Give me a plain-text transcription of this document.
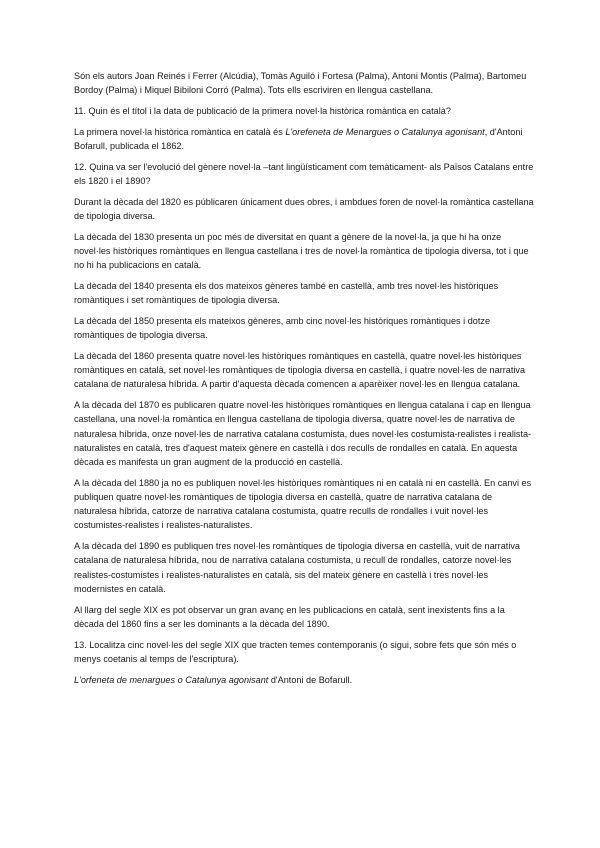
Són els autors Joan Reinés i Ferrer (Alcúdia), Tomàs Aguiló i Fortesa (Palma), Antoni Montis (Palma), Bartomeu Bordoy (Palma) i Miquel Bibiloni Corró (Palma). Tots ells escriviren en llengua castellana.

11. Quin és el títol i la data de publicació de la primera novel·la històrica romàntica en català?

La primera novel·la històrica romàntica en català és L'orefeneta de Menargues o Catalunya agonisant, d'Antoni Bofarull, publicada el 1862.

12. Quina va ser l'evolució del gènere novel·la –tant lingüísticament com temàticament- als Països Catalans entre els 1820 i el 1890?

Durant la dècada del 1820 es públicaren únicament dues obres, i ambdues foren de novel·la romàntica castellana de tipologia diversa.

La dècada del 1830 presenta un poc més de diversitat en quant a gènere de la novel·la, ja que hi ha onze novel·les històriques romàntiques en llengua castellana i tres de novel·la romàntica de tipologia diversa, tot i que no hi ha publicacions en català.

La dècada del 1840 presenta els dos mateixos gèneres també en castellà, amb tres novel·les històriques romàntiques i set romàntiques de tipologia diversa.

La dècada del 1850 presenta els mateixos gèneres, amb cinc novel·les històriques romàntiques i dotze romàntiques de tipologia diversa.

La dècada del 1860 presenta quatre novel·les històriques romàntiques en castellà, quatre novel·les històriques romàntiques en català, set novel·les romàntiques de tipologia diversa en castellà, i quatre novel·les de narrativa catalana de naturalesa híbrida. A partir d'aquesta dècada comencen a aparèixer novel·les en llengua catalana.

A la dècada del 1870 es publicaren quatre novel·les històriques romàntiques en llengua catalana i cap en llengua castellana, una novel·la romàntica en llengua castellana de tipologia diversa, quatre novel·les de narrativa de naturalesa híbrida, onze novel·les de narrativa catalana costumista, dues novel·les costumista-realistes i realista-naturalistes en català, tres d'aquest mateix gènere en castellà i dos reculls de rondalles en català. En aquesta dècada es manifesta un gran augment de la producció en castellà.

A la dècada del 1880 ja no es publiquen novel·les històriques romàntiques ni en català ni en castellà. En canvi es publiquen quatre novel·les romàntiques de tipologia diversa en castellà, quatre de narrativa catalana de naturalesa híbrida, catorze de narrativa catalana costumista, quatre reculls de rondalles i vuit novel·les costumistes-realistes i realistes-naturalistes.

A la dècada del 1890 es publiquen tres novel·les romàntiques de tipologia diversa en castellà, vuit de narrativa catalana de naturalesa híbrida, nou de narrativa catalana costumista, u recull de rondalles, catorze novel·les realistes-costumistes i realistes-naturalistes en català, sis del mateix gènere en castellà i tres novel·les modernistes en català.

Al llarg del segle XIX es pot observar un gran avanç en les publicacions en català, sent inexistents fins a la dècada del 1860 fins a ser les dominants a la dècada del 1890.

13. Localitza cinc novel·les del segle XIX que tracten temes contemporanis (o sigui, sobre fets que són més o menys coetanis al temps de l'escriptura).

L'orfeneta de menargues o Catalunya agonisant d'Antoni de Bofarull.
